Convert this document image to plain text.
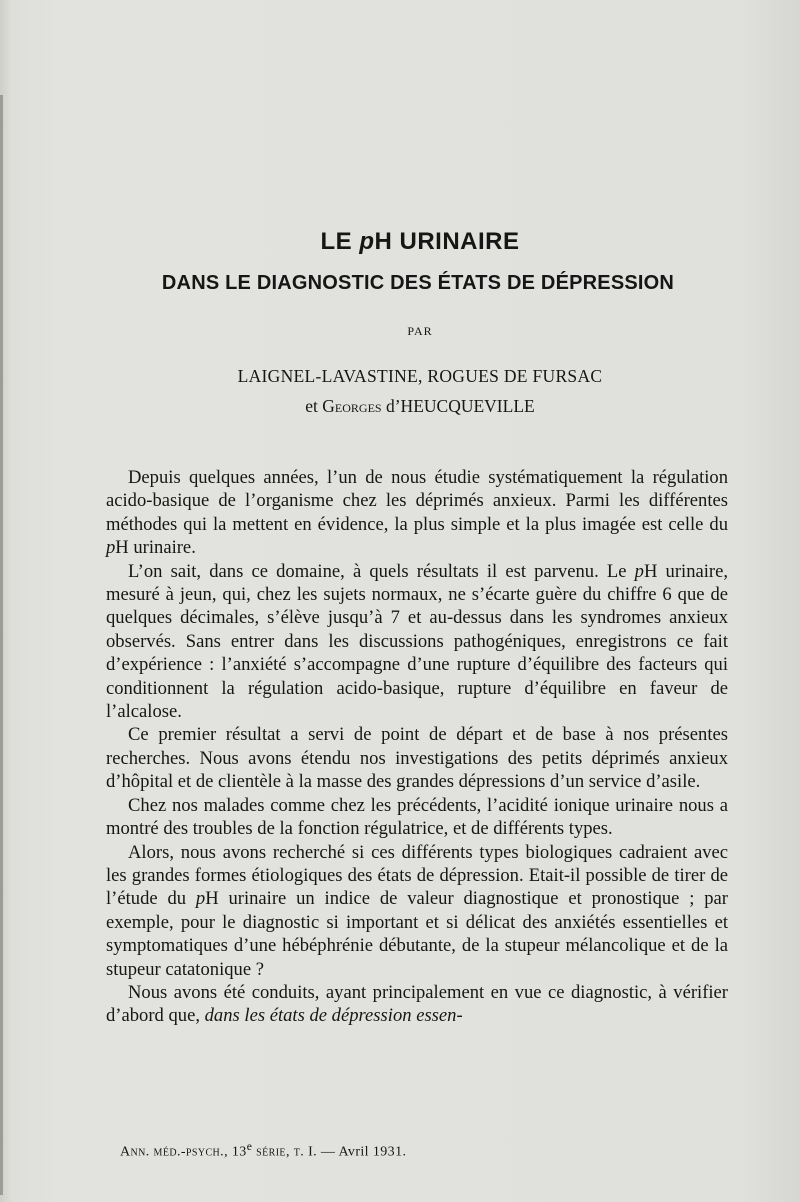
LE pH URINAIRE
DANS LE DIAGNOSTIC DES ÉTATS DE DÉPRESSION
PAR
LAIGNEL-LAVASTINE, ROGUES DE FURSAC
et Georges d’HEUCQUEVILLE

Depuis quelques années, l’un de nous étudie systématiquement la régulation acido-basique de l’organisme chez les déprimés anxieux. Parmi les différentes méthodes qui la mettent en évidence, la plus simple et la plus imagée est celle du pH urinaire.

L’on sait, dans ce domaine, à quels résultats il est parvenu. Le pH urinaire, mesuré à jeun, qui, chez les sujets normaux, ne s’écarte guère du chiffre 6 que de quelques décimales, s’élève jusqu’à 7 et au-dessus dans les syndromes anxieux observés. Sans entrer dans les discussions pathogéniques, enregistrons ce fait d’expérience : l’anxiété s’accompagne d’une rupture d’équilibre des facteurs qui conditionnent la régulation acido-basique, rupture d’équilibre en faveur de l’alcalose.

Ce premier résultat a servi de point de départ et de base à nos présentes recherches. Nous avons étendu nos investigations des petits déprimés anxieux d’hôpital et de clientèle à la masse des grandes dépressions d’un service d’asile.

Chez nos malades comme chez les précédents, l’acidité ionique urinaire nous a montré des troubles de la fonction régulatrice, et de différents types.

Alors, nous avons recherché si ces différents types biologiques cadraient avec les grandes formes étiologiques des états de dépression. Etait-il possible de tirer de l’étude du pH urinaire un indice de valeur diagnostique et pronostique ; par exemple, pour le diagnostic si important et si délicat des anxiétés essentielles et symptomatiques d’une hébéphrénie débutante, de la stupeur mélancolique et de la stupeur catatonique ?

Nous avons été conduits, ayant principalement en vue ce diagnostic, à vérifier d’abord que, dans les états de dépression essen-

Ann. méd.-psych., 13e série, t. I. — Avril 1931.
